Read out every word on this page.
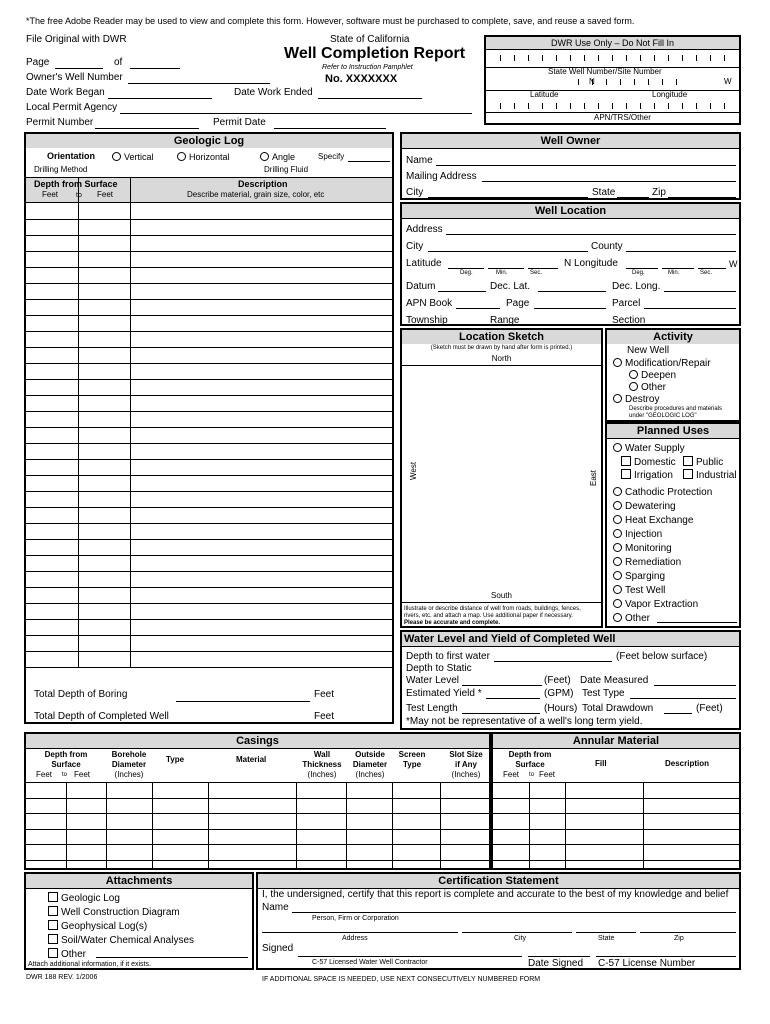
*The free Adobe Reader may be used to view and complete this form. However, software must be purchased to complete, save, and reuse a saved form.
File Original with DWR	State of California
Well Completion Report
Refer to Instruction Pamphlet
No. XXXXXXX
Page	of
Owner's Well Number
Date Work Began	Date Work Ended
Local Permit Agency
Permit Number	Permit Date
DWR Use Only – Do Not Fill In
State Well Number/Site Number
N	W
Latitude	Longitude
APN/TRS/Other
Geologic Log
Orientation	Vertical	Horizontal	Angle	Specify
Drilling Method	Drilling Fluid
Depth from Surface
Feet	to Feet
Description
Describe material, grain size, color, etc
Total Depth of Boring	Feet
Total Depth of Completed Well	Feet
Well Owner
Name
Mailing Address
City	State	Zip
Well Location
Address
City	County
Latitude	N Longitude	W
Deg.	Min.	Sec.	Deg.	Min.	Sec.
Datum	Dec. Lat.	Dec. Long.
APN Book	Page	Parcel
Township	Range	Section
Location Sketch
(Sketch must be drawn by hand after form is printed.)
North
West	East
South
Illustrate or describe distance of well from roads, buildings, fences,
rivers, etc. and attach a map. Use additional paper if necessary.
Please be accurate and complete.
Activity
New Well
Modification/Repair
Deepen
Other
Destroy
Describe procedures and materials
under "GEOLOGIC LOG"
Planned Uses
Water Supply
Domestic	Public
Irrigation	Industrial
Cathodic Protection
Dewatering
Heat Exchange
Injection
Monitoring
Remediation
Sparging
Test Well
Vapor Extraction
Other
Water Level and Yield of Completed Well
Depth to first water	(Feet below surface)
Depth to Static
Water Level	(Feet) Date Measured
Estimated Yield *	(GPM) Test Type
Test Length	(Hours) Total Drawdown	(Feet)
*May not be representative of a well's long term yield.
Casings
Depth from
Surface
Feet to Feet
Borehole
Diameter
(Inches)
Type	Material
Wall
Thickness
(Inches)
Outside
Diameter
(Inches)
Screen
Type
Slot Size
if Any
(Inches)
Annular Material
Depth from
Surface
Feet to Feet
Fill	Description
Attachments
Geologic Log
Well Construction Diagram
Geophysical Log(s)
Soil/Water Chemical Analyses
Other
Attach additional information, if it exists.
Certification Statement
I, the undersigned, certify that this report is complete and accurate to the best of my knowledge and belief
Name
Person, Firm or Corporation
Address	City	State	Zip
Signed
C-57 Licensed Water Well Contractor	Date Signed C-57 License Number
DWR 188 REV. 1/2006	IF ADDITIONAL SPACE IS NEEDED, USE NEXT CONSECUTIVELY NUMBERED FORM
